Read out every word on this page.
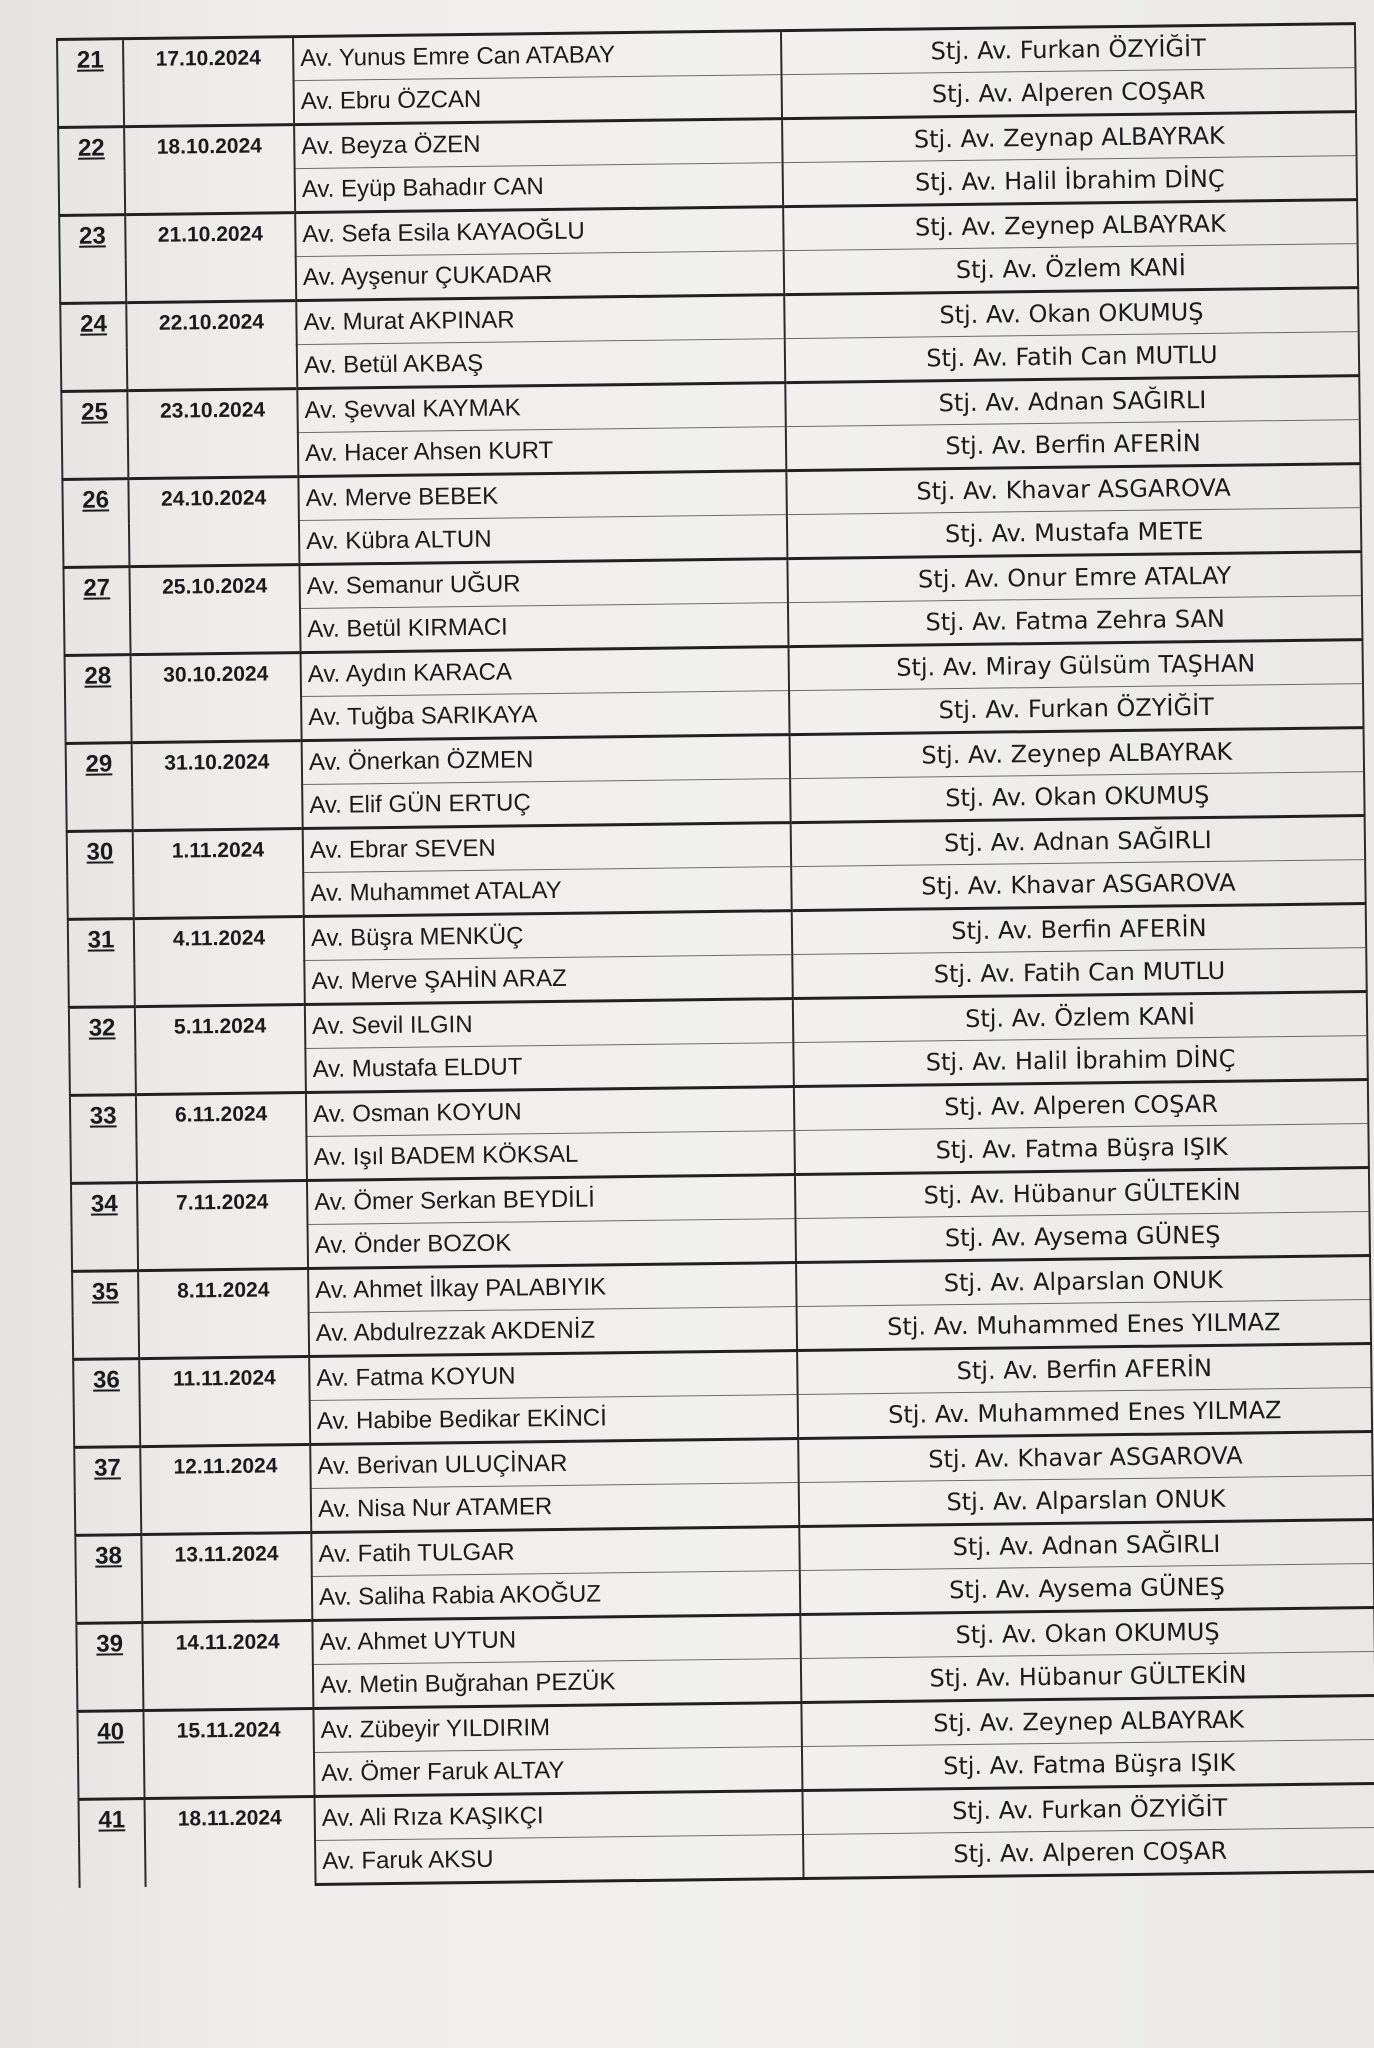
21	17.10.2024	Av. Yunus Emre Can ATABAY	Stj. Av. Furkan ÖZYİĞİT
		Av. Ebru ÖZCAN	Stj. Av. Alperen COŞAR
22	18.10.2024	Av. Beyza ÖZEN	Stj. Av. Zeynap ALBAYRAK
		Av. Eyüp Bahadır CAN	Stj. Av. Halil İbrahim DİNÇ
23	21.10.2024	Av. Sefa Esila KAYAOĞLU	Stj. Av. Zeynep ALBAYRAK
		Av. Ayşenur ÇUKADAR	Stj. Av. Özlem KANİ
24	22.10.2024	Av. Murat AKPINAR	Stj. Av. Okan OKUMUŞ
		Av. Betül AKBAŞ	Stj. Av. Fatih Can MUTLU
25	23.10.2024	Av. Şevval KAYMAK	Stj. Av. Adnan SAĞIRLI
		Av. Hacer Ahsen KURT	Stj. Av. Berfin AFERİN
26	24.10.2024	Av. Merve BEBEK	Stj. Av. Khavar ASGAROVA
		Av. Kübra ALTUN	Stj. Av. Mustafa METE
27	25.10.2024	Av. Semanur UĞUR	Stj. Av. Onur Emre ATALAY
		Av. Betül KIRMACI	Stj. Av. Fatma Zehra SAN
28	30.10.2024	Av. Aydın KARACA	Stj. Av. Miray Gülsüm TAŞHAN
		Av. Tuğba SARIKAYA	Stj. Av. Furkan ÖZYİĞİT
29	31.10.2024	Av. Önerkan ÖZMEN	Stj. Av. Zeynep ALBAYRAK
		Av. Elif GÜN ERTUÇ	Stj. Av. Okan OKUMUŞ
30	1.11.2024	Av. Ebrar SEVEN	Stj. Av. Adnan SAĞIRLI
		Av. Muhammet ATALAY	Stj. Av. Khavar ASGAROVA
31	4.11.2024	Av. Büşra MENKÜÇ	Stj. Av. Berfin AFERİN
		Av. Merve ŞAHİN ARAZ	Stj. Av. Fatih Can MUTLU
32	5.11.2024	Av. Sevil ILGIN	Stj. Av. Özlem KANİ
		Av. Mustafa ELDUT	Stj. Av. Halil İbrahim DİNÇ
33	6.11.2024	Av. Osman KOYUN	Stj. Av. Alperen COŞAR
		Av. Işıl BADEM KÖKSAL	Stj. Av. Fatma Büşra IŞIK
34	7.11.2024	Av. Ömer Serkan BEYDİLİ	Stj. Av. Hübanur GÜLTEKİN
		Av. Önder BOZOK	Stj. Av. Aysema GÜNEŞ
35	8.11.2024	Av. Ahmet İlkay PALABIYIK	Stj. Av. Alparslan ONUK
		Av. Abdulrezzak AKDENİZ	Stj. Av. Muhammed Enes YILMAZ
36	11.11.2024	Av. Fatma KOYUN	Stj. Av. Berfin AFERİN
		Av. Habibe Bedikar EKİNCİ	Stj. Av. Muhammed Enes YILMAZ
37	12.11.2024	Av. Berivan ULUÇİNAR	Stj. Av. Khavar ASGAROVA
		Av. Nisa Nur ATAMER	Stj. Av. Alparslan ONUK
38	13.11.2024	Av. Fatih TULGAR	Stj. Av. Adnan SAĞIRLI
		Av. Saliha Rabia AKOĞUZ	Stj. Av. Aysema GÜNEŞ
39	14.11.2024	Av. Ahmet UYTUN	Stj. Av. Okan OKUMUŞ
		Av. Metin Buğrahan PEZÜK	Stj. Av. Hübanur GÜLTEKİN
40	15.11.2024	Av. Zübeyir YILDIRIM	Stj. Av. Zeynep ALBAYRAK
		Av. Ömer Faruk ALTAY	Stj. Av. Fatma Büşra IŞIK
41	18.11.2024	Av. Ali Rıza KAŞIKÇI	Stj. Av. Furkan ÖZYİĞİT
		Av. Faruk AKSU	Stj. Av. Alperen COŞAR
